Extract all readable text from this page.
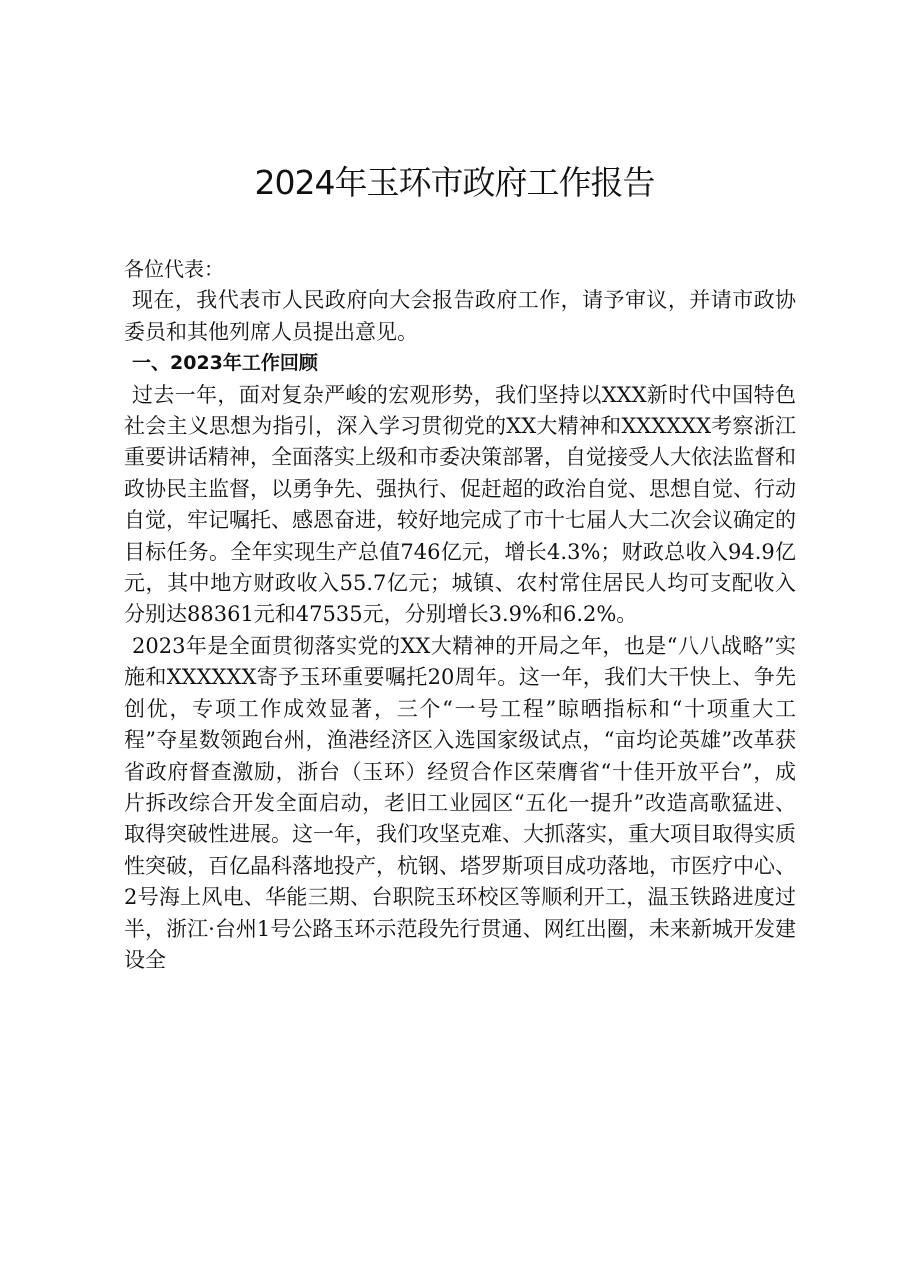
2024年玉环市政府工作报告

各位代表：

现在，我代表市人民政府向大会报告政府工作，请予审议，并请市政协委员和其他列席人员提出意见。

一、2023年工作回顾

过去一年，面对复杂严峻的宏观形势，我们坚持以XXX新时代中国特色社会主义思想为指引，深入学习贯彻党的XX大精神和XXXXXX考察浙江重要讲话精神，全面落实上级和市委决策部署，自觉接受人大依法监督和政协民主监督，以勇争先、强执行、促赶超的政治自觉、思想自觉、行动自觉，牢记嘱托、感恩奋进，较好地完成了市十七届人大二次会议确定的目标任务。全年实现生产总值746亿元，增长4.3%；财政总收入94.9亿元，其中地方财政收入55.7亿元；城镇、农村常住居民人均可支配收入分别达88361元和47535元，分别增长3.9%和6.2%。

2023年是全面贯彻落实党的XX大精神的开局之年，也是“八八战略”实施和XXXXXX寄予玉环重要嘱托20周年。这一年，我们大干快上、争先创优，专项工作成效显著，三个“一号工程”晾晒指标和“十项重大工程”夺星数领跑台州，渔港经济区入选国家级试点，“亩均论英雄”改革获省政府督查激励，浙台（玉环）经贸合作区荣膺省“十佳开放平台”，成片拆改综合开发全面启动，老旧工业园区“五化一提升”改造高歌猛进、取得突破性进展。这一年，我们攻坚克难、大抓落实，重大项目取得实质性突破，百亿晶科落地投产，杭钢、塔罗斯项目成功落地，市医疗中心、2号海上风电、华能三期、台职院玉环校区等顺利开工，温玉铁路进度过半，浙江·台州1号公路玉环示范段先行贯通、网红出圈，未来新城开发建设全
